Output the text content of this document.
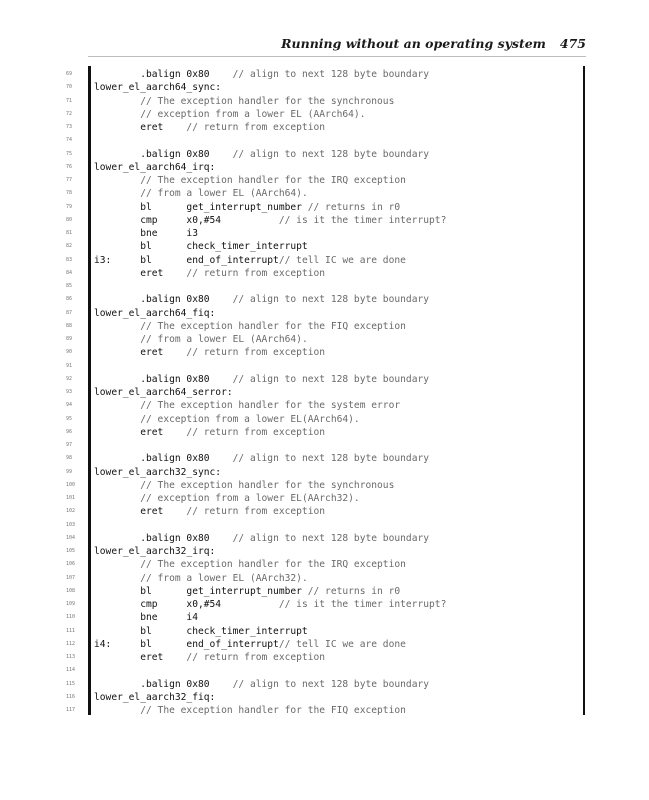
Running without an operating system 475
69	.balign 0x80    // align to next 128 byte boundary
70	lower_el_aarch64_sync:
71	// The exception handler for the synchronous
72	// exception from a lower EL (AArch64).
73	eret    // return from exception
74
75	.balign 0x80    // align to next 128 byte boundary
76	lower_el_aarch64_irq:
77	// The exception handler for the IRQ exception
78	// from a lower EL (AArch64).
79	bl      get_interrupt_number // returns in r0
80	cmp     x0,#54          // is it the timer interrupt?
81	bne     i3
82	bl      check_timer_interrupt
83	i3:     bl      end_of_interrupt// tell IC we are done
84	eret    // return from exception
85
86	.balign 0x80    // align to next 128 byte boundary
87	lower_el_aarch64_fiq:
88	// The exception handler for the FIQ exception
89	// from a lower EL (AArch64).
90	eret    // return from exception
91
92	.balign 0x80    // align to next 128 byte boundary
93	lower_el_aarch64_serror:
94	// The exception handler for the system error
95	// exception from a lower EL(AArch64).
96	eret    // return from exception
97
98	.balign 0x80    // align to next 128 byte boundary
99	lower_el_aarch32_sync:
100	// The exception handler for the synchronous
101	// exception from a lower EL(AArch32).
102	eret    // return from exception
103
104	.balign 0x80    // align to next 128 byte boundary
105	lower_el_aarch32_irq:
106	// The exception handler for the IRQ exception
107	// from a lower EL (AArch32).
108	bl      get_interrupt_number // returns in r0
109	cmp     x0,#54          // is it the timer interrupt?
110	bne     i4
111	bl      check_timer_interrupt
112	i4:     bl      end_of_interrupt// tell IC we are done
113	eret    // return from exception
114
115	.balign 0x80    // align to next 128 byte boundary
116	lower_el_aarch32_fiq:
117	// The exception handler for the FIQ exception
